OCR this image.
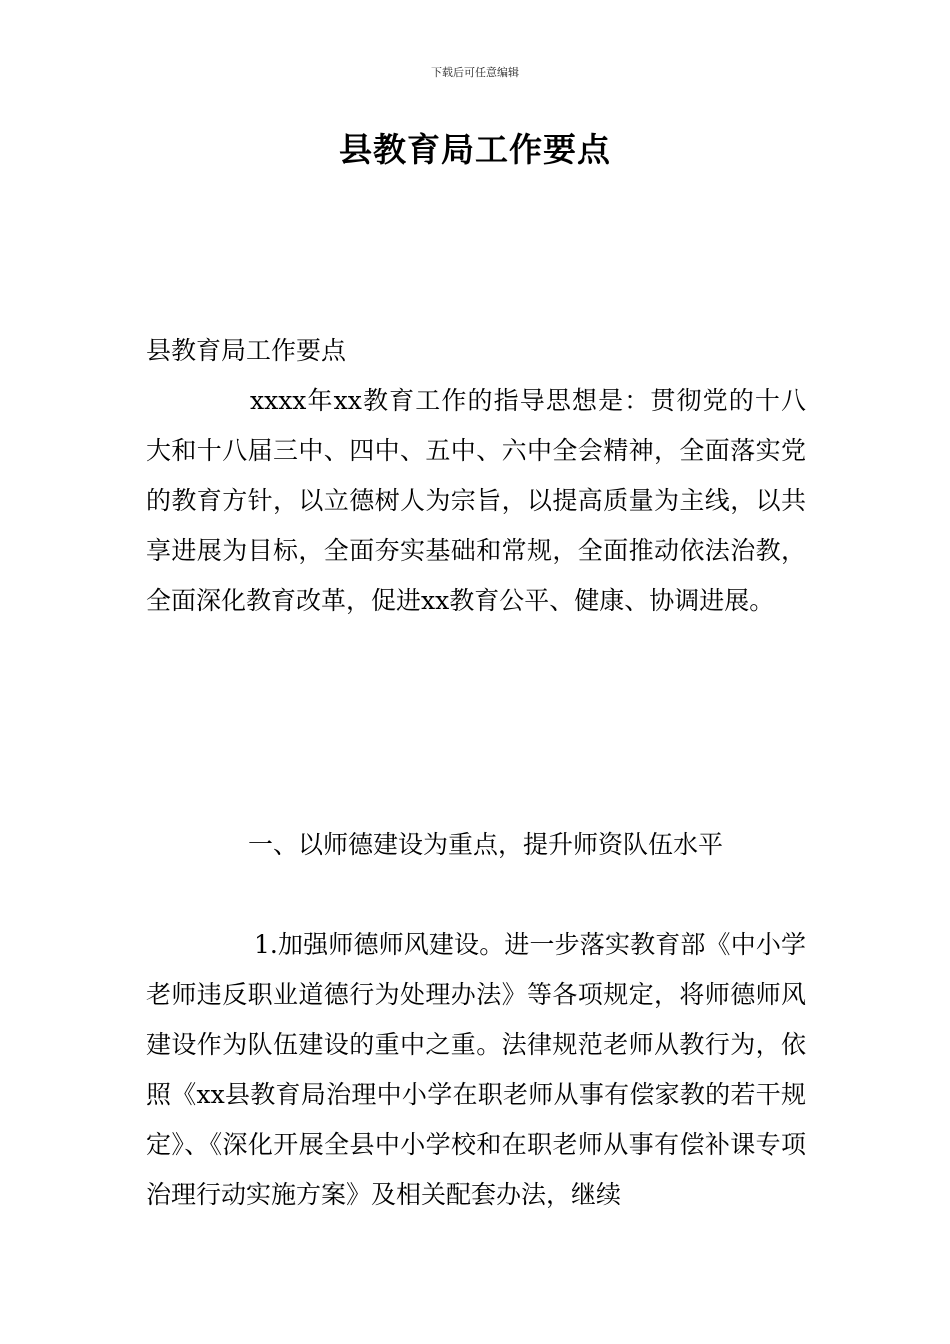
下载后可任意编辑
县教育局工作要点

县教育局工作要点

xxxx年xx教育工作的指导思想是：贯彻党的十八大和十八届三中、四中、五中、六中全会精神，全面落实党的教育方针，以立德树人为宗旨，以提高质量为主线，以共享进展为目标，全面夯实基础和常规，全面推动依法治教，全面深化教育改革，促进xx教育公平、健康、协调进展。

一、以师德建设为重点，提升师资队伍水平

1.加强师德师风建设。进一步落实教育部《中小学老师违反职业道德行为处理办法》等各项规定，将师德师风建设作为队伍建设的重中之重。法律规范老师从教行为，依照《xx县教育局治理中小学在职老师从事有偿家教的若干规定》、《深化开展全县中小学校和在职老师从事有偿补课专项治理行动实施方案》及相关配套办法，继续
